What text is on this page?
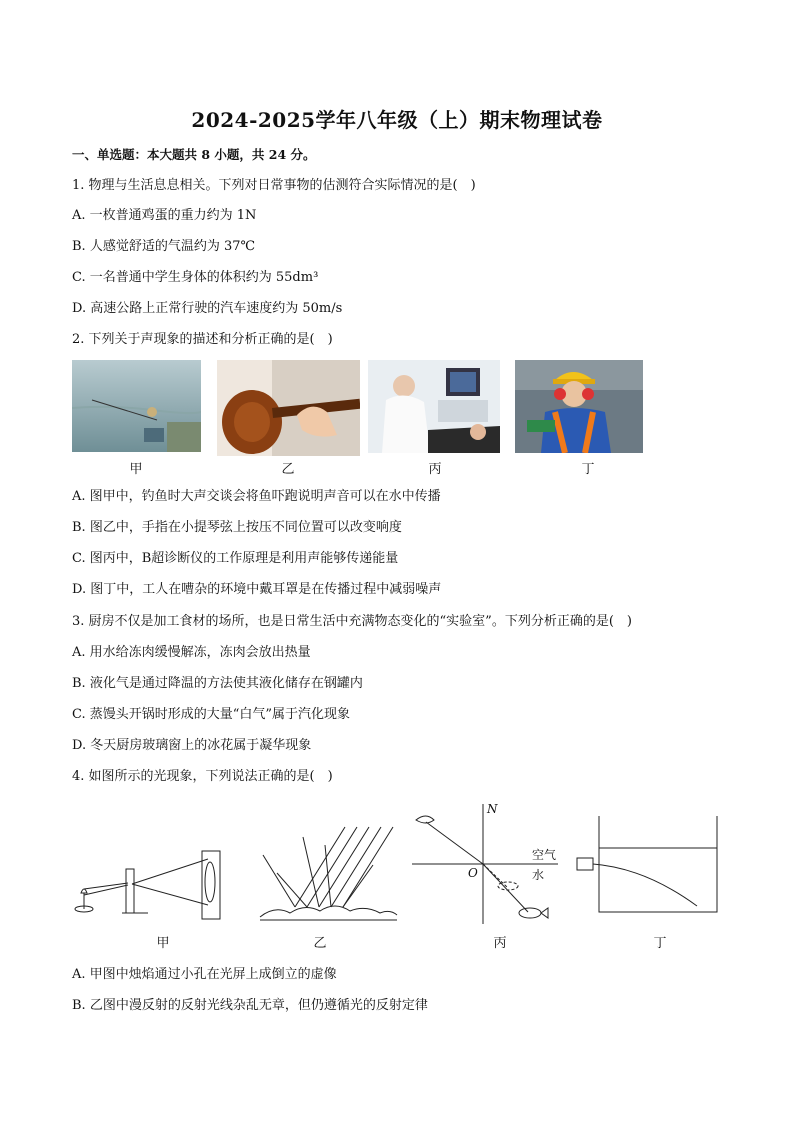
2024-2025学年八年级（上）期末物理试卷
一、单选题：本大题共 8 小题，共 24 分。
1. 物理与生活息息相关。下列对日常事物的估测符合实际情况的是(　)
A. 一枚普通鸡蛋的重力约为 1N
B. 人感觉舒适的气温约为 37℃
C. 一名普通中学生身体的体积约为 55dm³
D. 高速公路上正常行驶的汽车速度约为 50m/s
2. 下列关于声现象的描述和分析正确的是(　)
甲	乙	丙	丁
A. 图甲中，钓鱼时大声交谈会将鱼吓跑说明声音可以在水中传播
B. 图乙中，手指在小提琴弦上按压不同位置可以改变响度
C. 图丙中，B超诊断仪的工作原理是利用声能够传递能量
D. 图丁中，工人在嘈杂的环境中戴耳罩是在传播过程中减弱噪声
3. 厨房不仅是加工食材的场所，也是日常生活中充满物态变化的“实验室”。下列分析正确的是(　)
A. 用水给冻肉缓慢解冻，冻肉会放出热量
B. 液化气是通过降温的方法使其液化储存在钢罐内
C. 蒸馒头开锅时形成的大量“白气”属于汽化现象
D. 冬天厨房玻璃窗上的冰花属于凝华现象
4. 如图所示的光现象，下列说法正确的是(　)
N
O
空气
水
甲	乙	丙	丁
A. 甲图中烛焰通过小孔在光屏上成倒立的虚像
B. 乙图中漫反射的反射光线杂乱无章，但仍遵循光的反射定律
